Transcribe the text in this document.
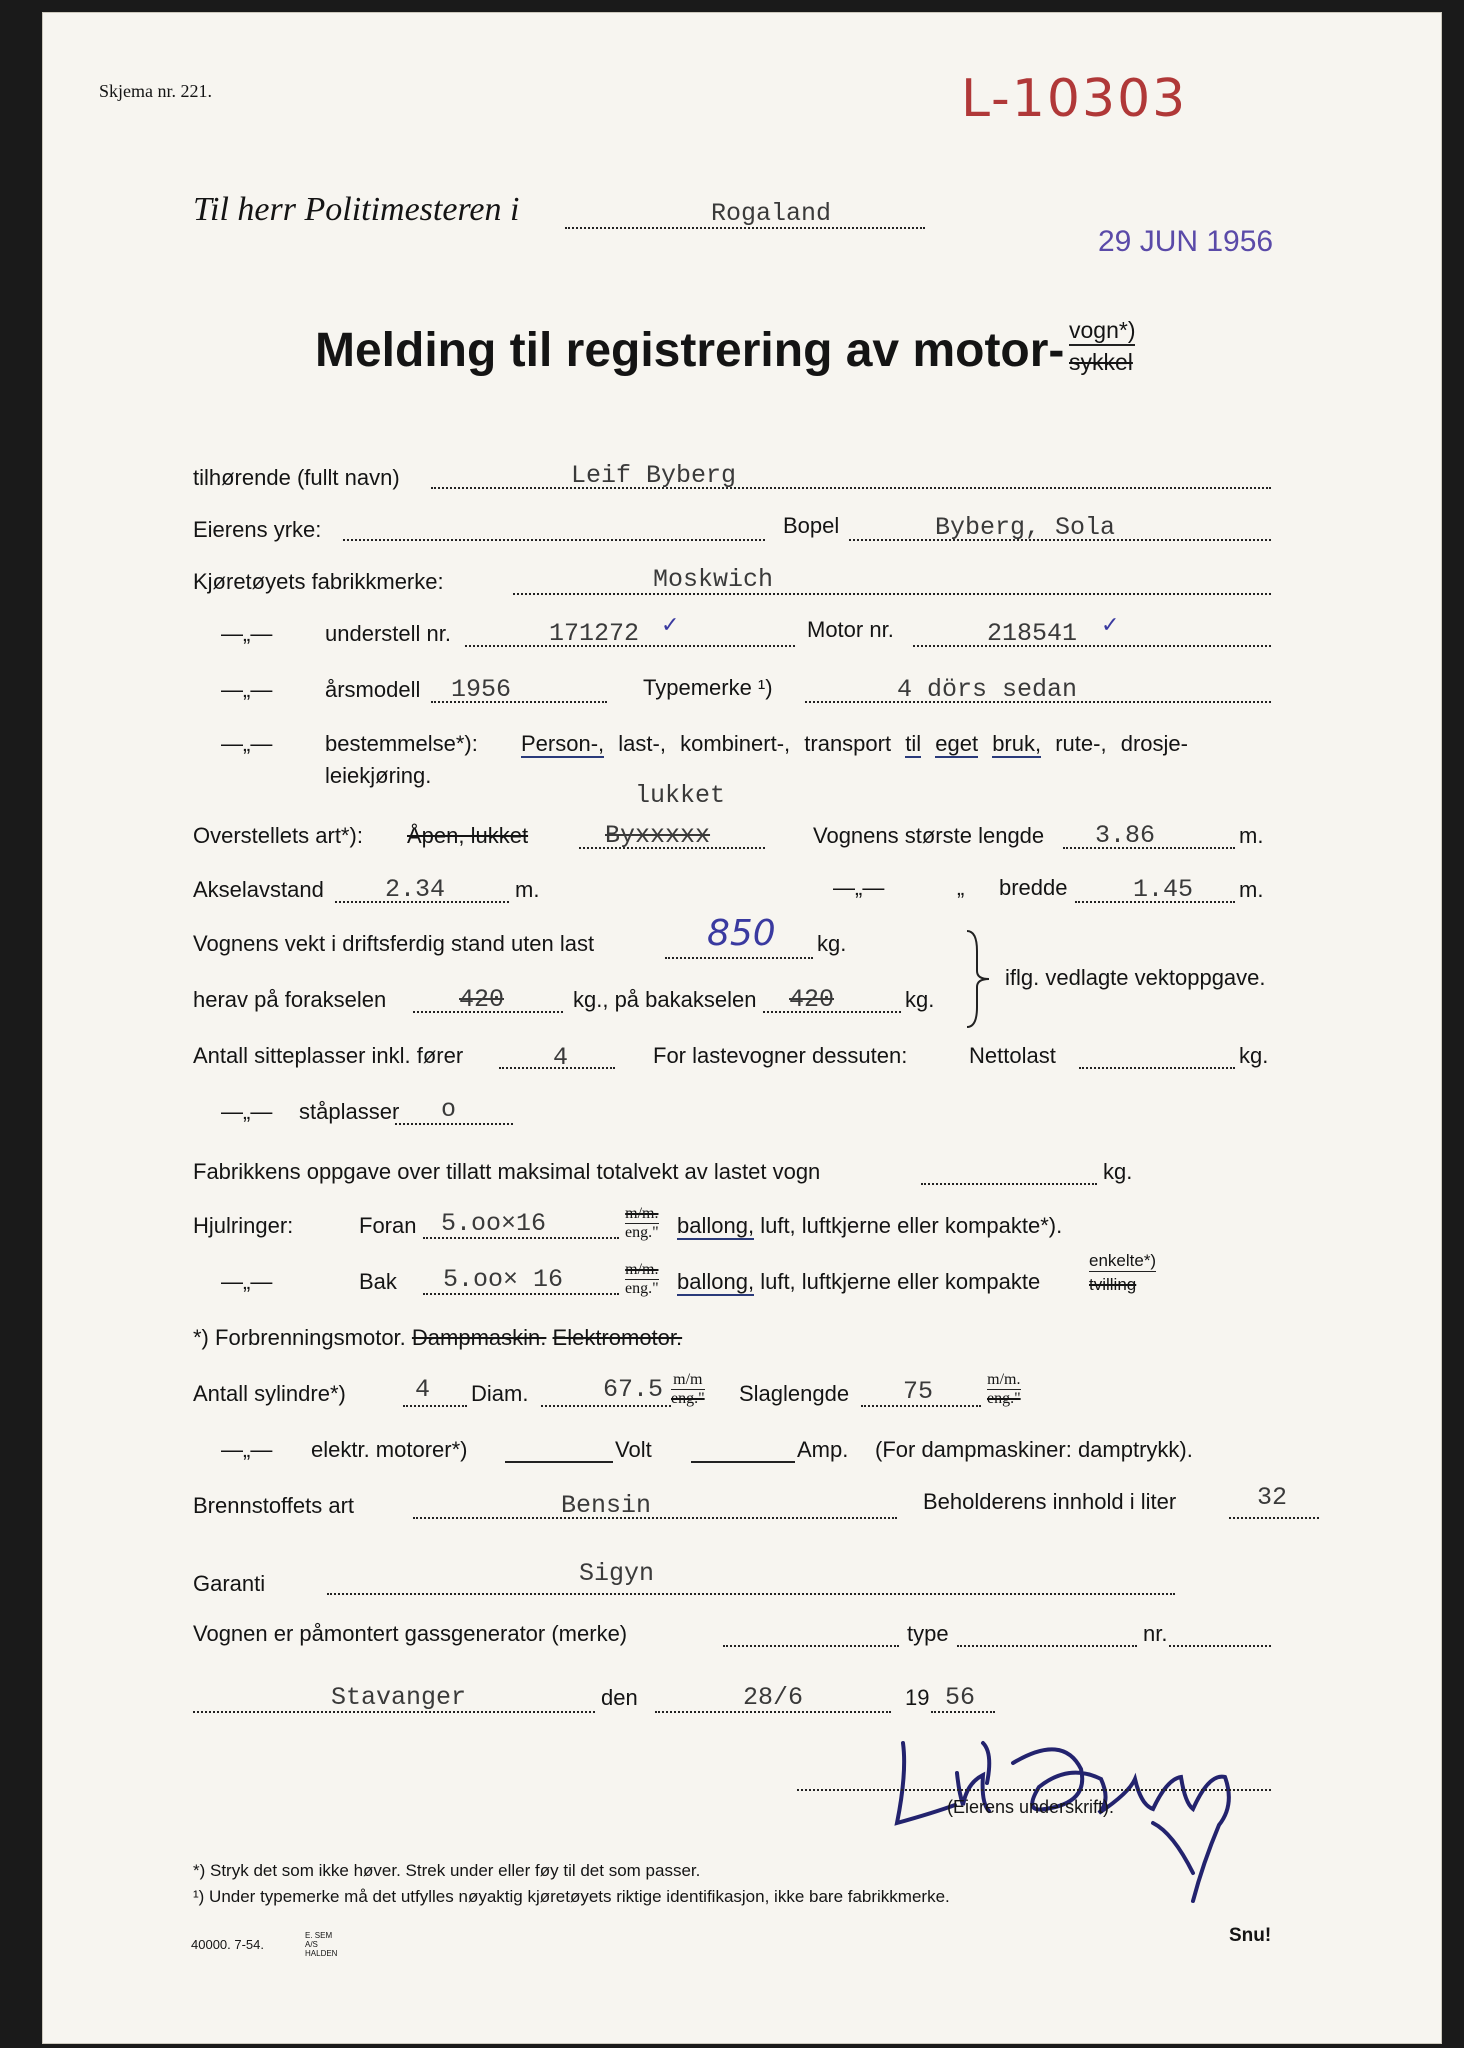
Skjema nr. 221.	L-10303
Til herr Politimesteren i	Rogaland
29 JUN 1956
Melding til registrering av motor- vogn*)
sykkel
tilhørende (fullt navn)	Leif Byberg
Eierens yrke:	Bopel	Byberg, Sola
Kjøretøyets fabrikkmerke:	Moskwich
—„— understell nr.	171272 ✓	Motor nr.	218541 ✓
—„— årsmodell 1956	Typemerke ¹)	4 dörs sedan
—„— bestemmelse*): Person-, last-, kombinert-, transport til eget bruk, rute-, drosje-
leiekjøring.
lukket
Overstellets art*): Åpen, lukket	Byxxxxx	Vognens største lengde 3.86	m.
Akselavstand 2.34	m.	—„—	„ bredde	1.45 m.
Vognens vekt i driftsferdig stand uten last	850 kg.
herav på forakselen	420	kg., på bakakselen 420	kg.
iflg. vedlagte vektoppgave.
Antall sitteplasser inkl. fører	4	For lastevogner dessuten:	Nettolast	kg.
—„— ståplasser o
Fabrikkens oppgave over tillatt maksimal totalvekt av lastet vogn	kg.
Hjulringer:	Foran 5.oo×16	$\frac{m/m.}{\text{eng."}}$ ballong, luft, luftkjerne eller kompakte*).
—„—	Bak 5.oo× 16	$\frac{m/m.}{\text{eng."}}$ ballong, luft, luftkjerne eller kompakte
enkelte*)
tvilling
*) Forbrenningsmotor. Dampmaskin. Elektromotor.
Antall sylindre*)	4 Diam.	$67.5 \frac{m/m}{\text{eng."}}$ Slaglengde 75	$\frac{m/m.}{\text{eng."}}$
—„— elektr. motorer*)	Volt	Amp. (For dampmaskiner: damptrykk).
Brennstoffets art	Bensin	Beholderens innhold i liter	32
Garanti	Sigyn
Vognen er påmontert gassgenerator (merke)	type	nr.
Stavanger	den	28/6	19 56
(Eierens underskrift).
*) Stryk det som ikke høver. Strek under eller føy til det som passer.
¹) Under typemerke må det utfylles nøyaktig kjøretøyets riktige identifikasjon, ikke bare fabrikkmerke.
40000. 7-54.
E. SEM A/S HALDEN
Snu!
